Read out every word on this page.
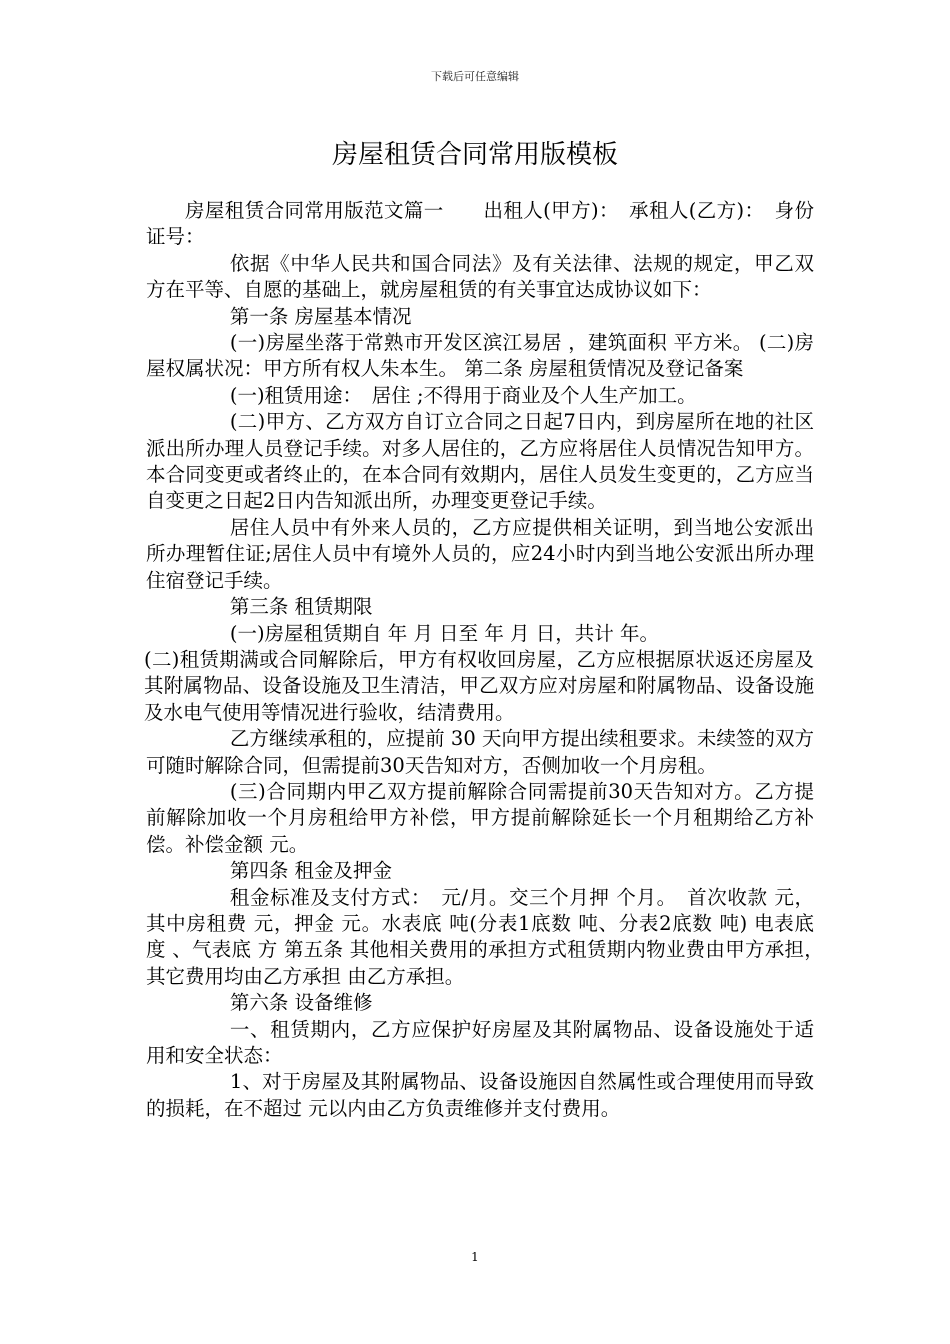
下载后可任意编辑
房屋租赁合同常用版模板

房屋租赁合同常用版范文篇一　　出租人(甲方)：　承租人(乙方)：　身份证号：

依据《中华人民共和国合同法》及有关法律、法规的规定，甲乙双方在平等、自愿的基础上，就房屋租赁的有关事宜达成协议如下：

第一条 房屋基本情况

(一)房屋坐落于常熟市开发区滨江易居 ，建筑面积 平方米。 (二)房屋权属状况：甲方所有权人朱本生。 第二条 房屋租赁情况及登记备案

(一)租赁用途：　居住 ;不得用于商业及个人生产加工。

(二)甲方、乙方双方自订立合同之日起7日内，到房屋所在地的社区派出所办理人员登记手续。对多人居住的，乙方应将居住人员情况告知甲方。本合同变更或者终止的，在本合同有效期内，居住人员发生变更的，乙方应当自变更之日起2日内告知派出所，办理变更登记手续。

居住人员中有外来人员的，乙方应提供相关证明，到当地公安派出所办理暂住证;居住人员中有境外人员的，应24小时内到当地公安派出所办理住宿登记手续。

第三条 租赁期限

(一)房屋租赁期自 年 月 日至 年 月 日，共计 年。

(二)租赁期满或合同解除后，甲方有权收回房屋，乙方应根据原状返还房屋及其附属物品、设备设施及卫生清洁，甲乙双方应对房屋和附属物品、设备设施及水电气使用等情况进行验收，结清费用。

乙方继续承租的，应提前 30 天向甲方提出续租要求。未续签的双方可随时解除合同，但需提前30天告知对方，否侧加收一个月房租。

(三)合同期内甲乙双方提前解除合同需提前30天告知对方。乙方提前解除加收一个月房租给甲方补偿，甲方提前解除延长一个月租期给乙方补偿。补偿金额 元。

第四条 租金及押金

租金标准及支付方式：　元/月。交三个月押 个月。　首次收款 元，其中房租费 元，押金 元。水表底 吨(分表1底数 吨、分表2底数 吨) 电表底 度 、气表底 方 第五条 其他相关费用的承担方式租赁期内物业费由甲方承担，　其它费用均由乙方承担 由乙方承担。

第六条 设备维修

一、租赁期内，乙方应保护好房屋及其附属物品、设备设施处于适用和安全状态：

1、对于房屋及其附属物品、设备设施因自然属性或合理使用而导致的损耗，在不超过 元以内由乙方负责维修并支付费用。

1
